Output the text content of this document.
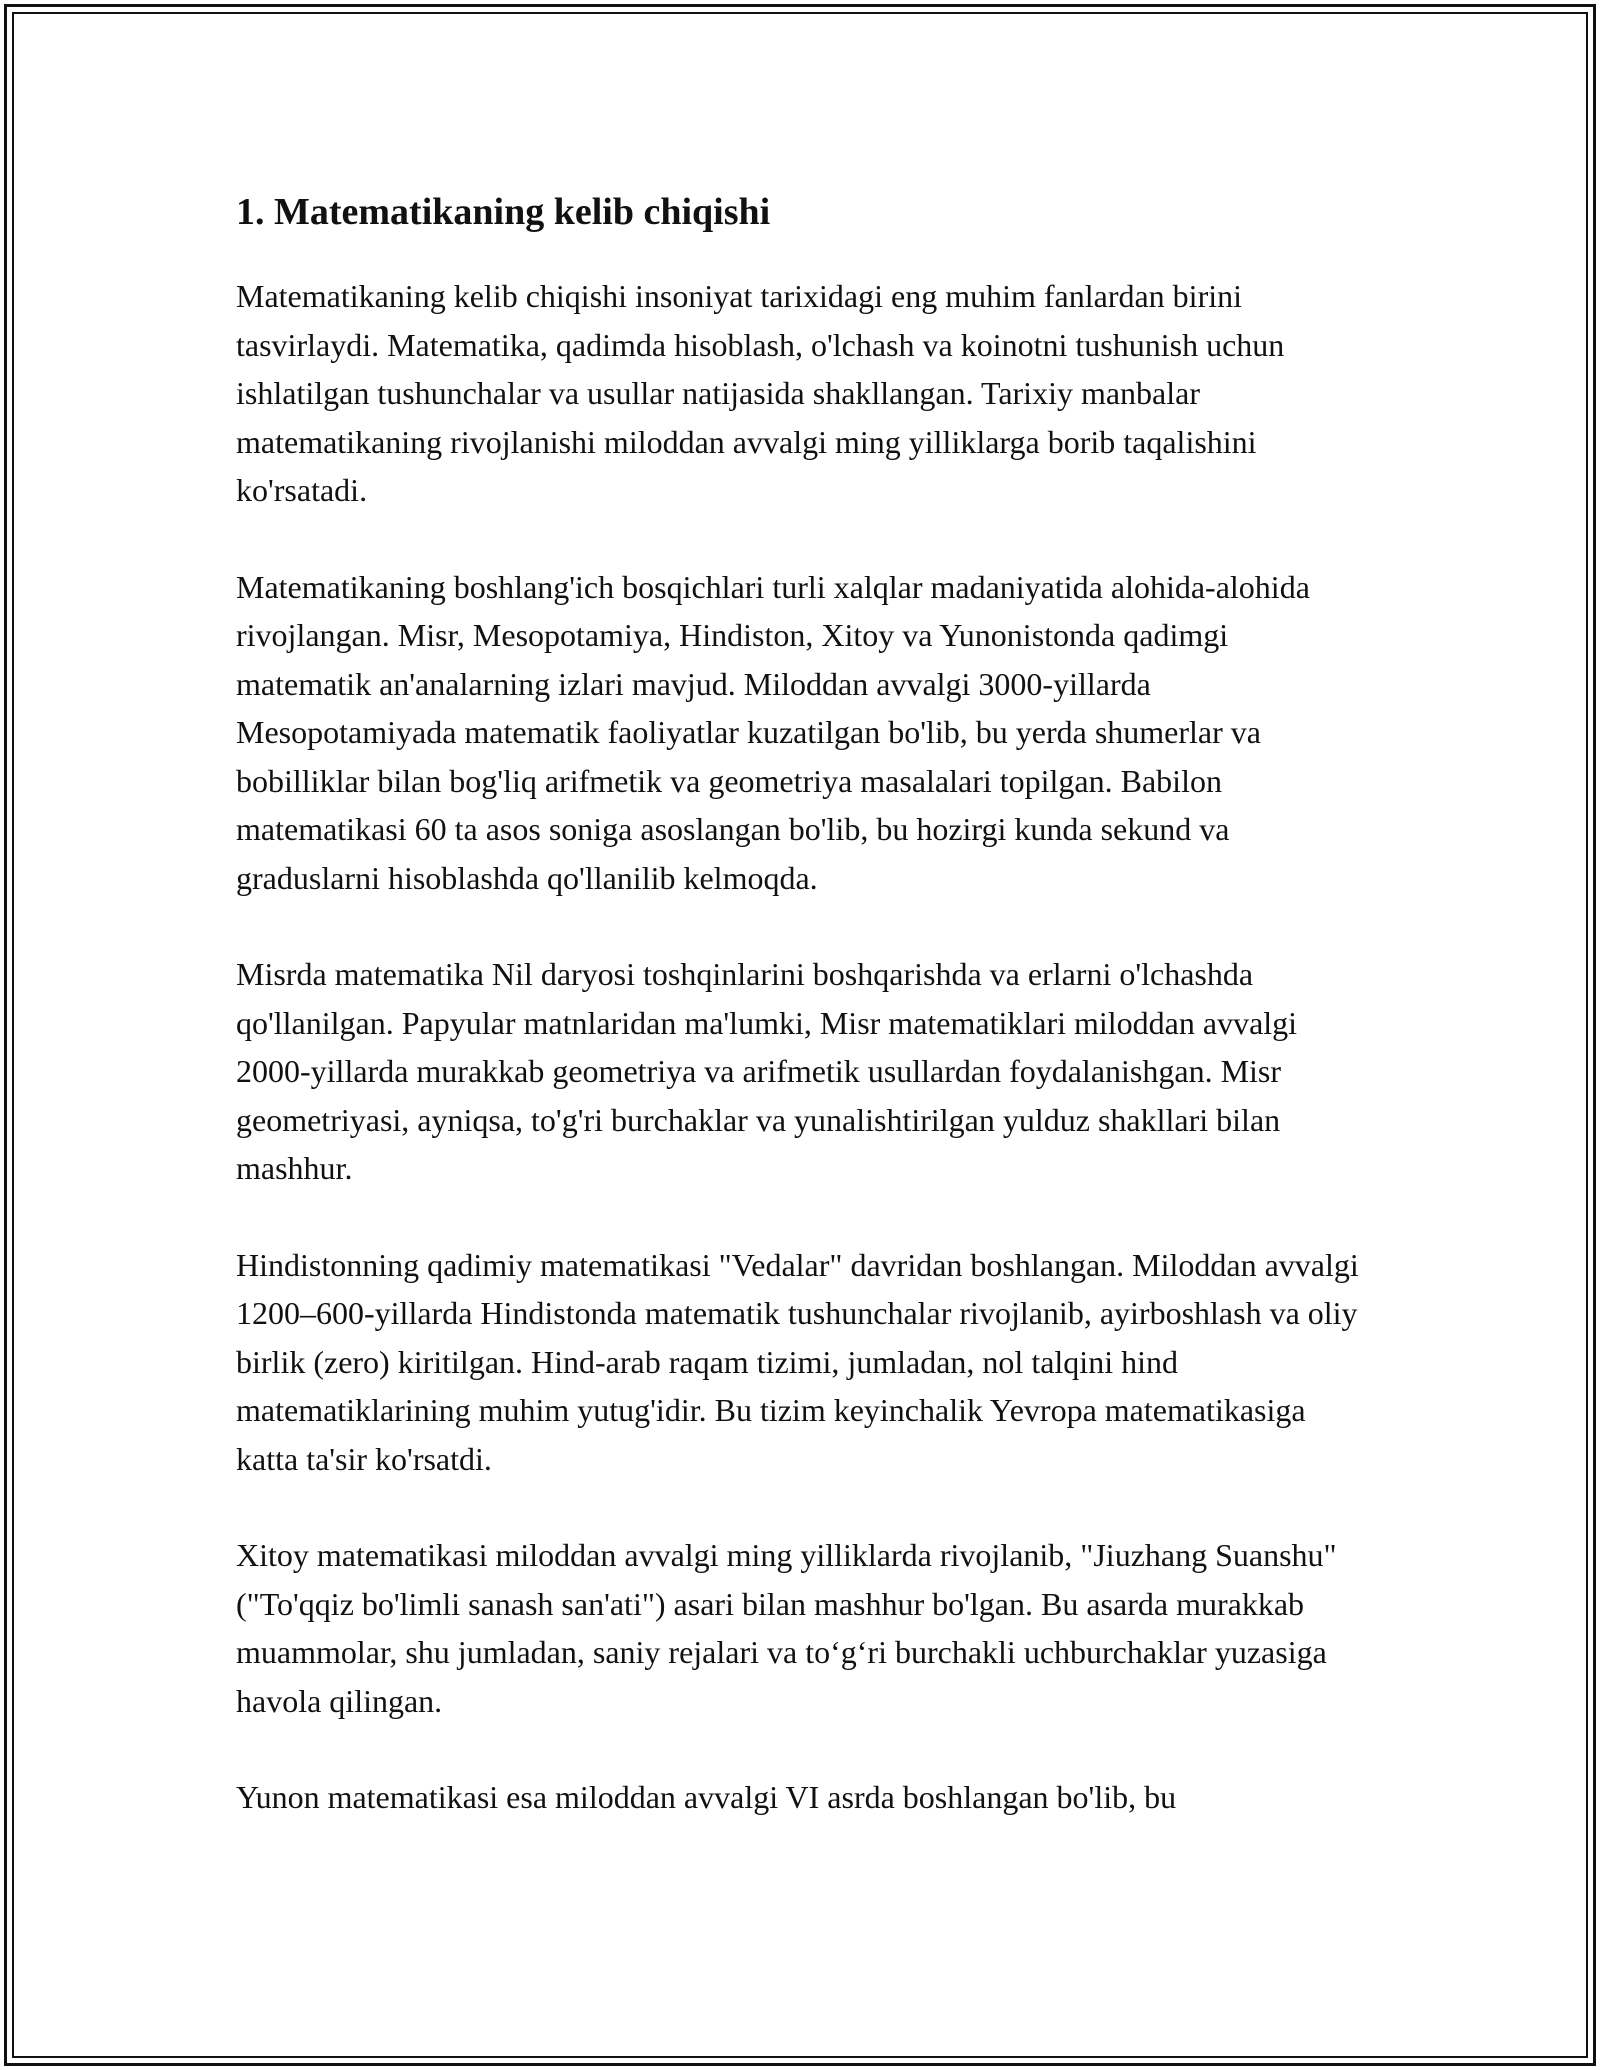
1. Matematikaning kelib chiqishi

Matematikaning kelib chiqishi insoniyat tarixidagi eng muhim fanlardan birini tasvirlaydi. Matematika, qadimda hisoblash, o'lchash va koinotni tushunish uchun ishlatilgan tushunchalar va usullar natijasida shakllangan. Tarixiy manbalar matematikaning rivojlanishi miloddan avvalgi ming yilliklarga borib taqalishini ko'rsatadi.

Matematikaning boshlang'ich bosqichlari turli xalqlar madaniyatida alohida-alohida rivojlangan. Misr, Mesopotamiya, Hindiston, Xitoy va Yunonistonda qadimgi matematik an'analarning izlari mavjud. Miloddan avvalgi 3000-yillarda Mesopotamiyada matematik faoliyatlar kuzatilgan bo'lib, bu yerda shumerlar va bobilliklar bilan bog'liq arifmetik va geometriya masalalari topilgan. Babilon matematikasi 60 ta asos soniga asoslangan bo'lib, bu hozirgi kunda sekund va graduslarni hisoblashda qo'llanilib kelmoqda.

Misrda matematika Nil daryosi toshqinlarini boshqarishda va erlarni o'lchashda qo'llanilgan. Papyular matnlaridan ma'lumki, Misr matematiklari miloddan avvalgi 2000-yillarda murakkab geometriya va arifmetik usullardan foydalanishgan. Misr geometriyasi, ayniqsa, to'g'ri burchaklar va yunalishtirilgan yulduz shakllari bilan mashhur.

Hindistonning qadimiy matematikasi "Vedalar" davridan boshlangan. Miloddan avvalgi 1200–600-yillarda Hindistonda matematik tushunchalar rivojlanib, ayirboshlash va oliy birlik (zero) kiritilgan. Hind-arab raqam tizimi, jumladan, nol talqini hind matematiklarining muhim yutug'idir. Bu tizim keyinchalik Yevropa matematikasiga katta ta'sir ko'rsatdi.

Xitoy matematikasi miloddan avvalgi ming yilliklarda rivojlanib, "Jiuzhang Suanshu" ("To'qqiz bo'limli sanash san'ati") asari bilan mashhur bo'lgan. Bu asarda murakkab muammolar, shu jumladan, saniy rejalari va to‘g‘ri burchakli uchburchaklar yuzasiga havola qilingan.

Yunon matematikasi esa miloddan avvalgi VI asrda boshlangan bo'lib, bu
